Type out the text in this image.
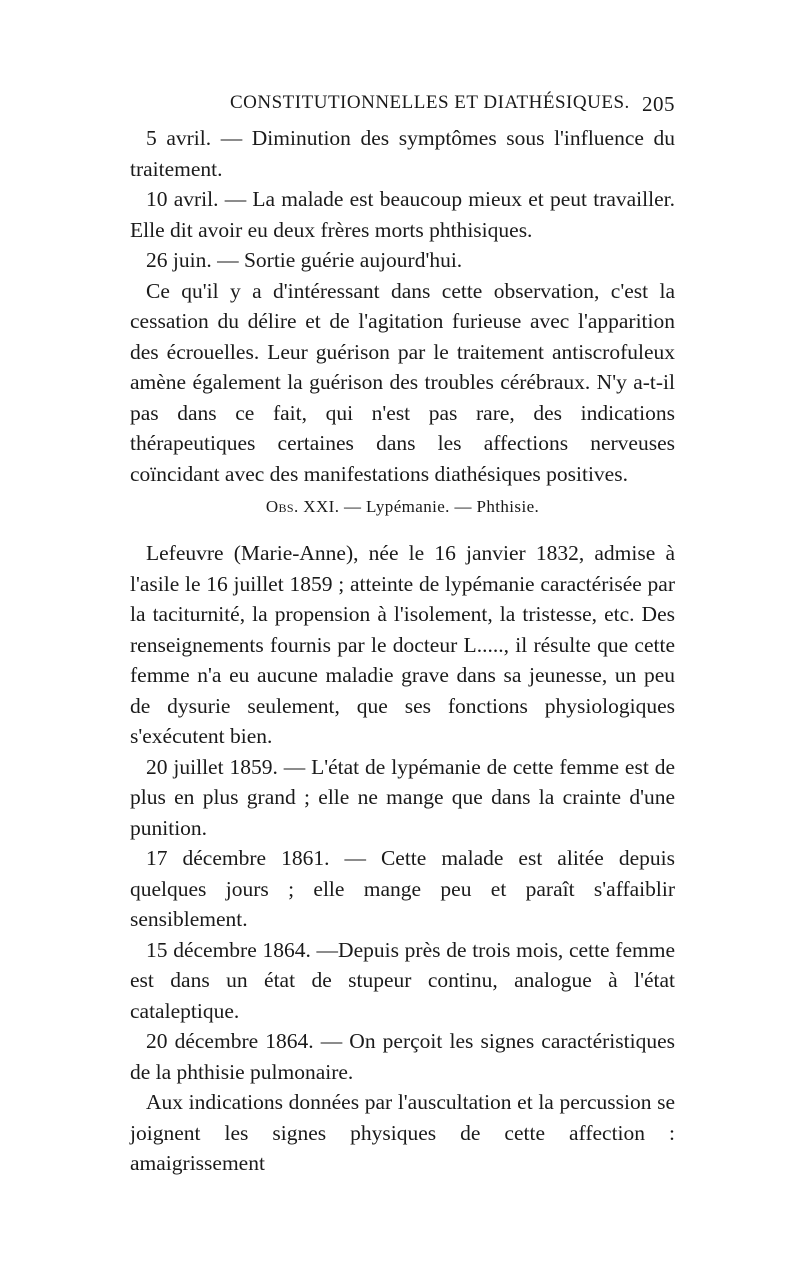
CONSTITUTIONNELLES ET DIATHÉSIQUES. 205

5 avril. — Diminution des symptômes sous l'influence du traitement.

10 avril. — La malade est beaucoup mieux et peut travailler. Elle dit avoir eu deux frères morts phthisiques.

26 juin. — Sortie guérie aujourd'hui.

Ce qu'il y a d'intéressant dans cette observation, c'est la cessation du délire et de l'agitation furieuse avec l'apparition des écrouelles. Leur guérison par le traitement antiscrofuleux amène également la guérison des troubles cérébraux. N'y a-t-il pas dans ce fait, qui n'est pas rare, des indications thérapeutiques certaines dans les affections nerveuses coïncidant avec des manifestations diathésiques positives.

Obs. XXI. — Lypémanie. — Phthisie.

Lefeuvre (Marie-Anne), née le 16 janvier 1832, admise à l'asile le 16 juillet 1859 ; atteinte de lypémanie caractérisée par la taciturnité, la propension à l'isolement, la tristesse, etc. Des renseignements fournis par le docteur L....., il résulte que cette femme n'a eu aucune maladie grave dans sa jeunesse, un peu de dysurie seulement, que ses fonctions physiologiques s'exécutent bien.

20 juillet 1859. — L'état de lypémanie de cette femme est de plus en plus grand ; elle ne mange que dans la crainte d'une punition.

17 décembre 1861. — Cette malade est alitée depuis quelques jours ; elle mange peu et paraît s'affaiblir sensiblement.

15 décembre 1864. —Depuis près de trois mois, cette femme est dans un état de stupeur continu, analogue à l'état cataleptique.

20 décembre 1864. — On perçoit les signes caractéristiques de la phthisie pulmonaire.

Aux indications données par l'auscultation et la percussion se joignent les signes physiques de cette affection : amaigrissement
